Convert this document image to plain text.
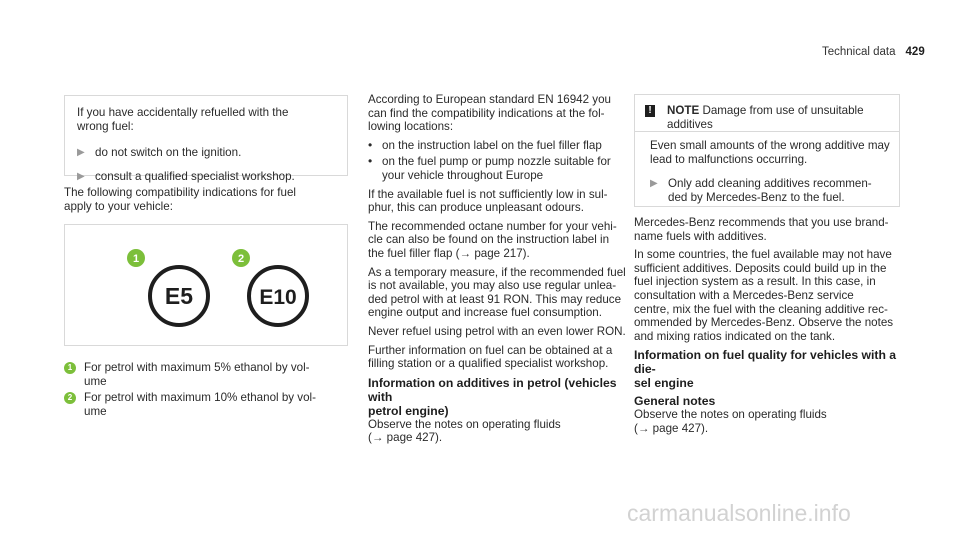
Technical data 429
If you have accidentally refuelled with the
wrong fuel:
▶ do not switch on the ignition.
▶ consult a qualified specialist workshop.
The following compatibility indications for fuel
apply to your vehicle:
E5	E10
1	2
1	For petrol with maximum 5% ethanol by vol-
ume
2	For petrol with maximum 10% ethanol by vol-
ume

According to European standard EN 16942 you
can find the compatibility indications at the fol-
lowing locations:

• on the instruction label on the fuel filler flap
• on the fuel pump or pump nozzle suitable for
your vehicle throughout Europe

If the available fuel is not sufficiently low in sul-
phur, this can produce unpleasant odours.

The recommended octane number for your vehi-
cle can also be found on the instruction label in
the fuel filler flap (→ page 217).

As a temporary measure, if the recommended fuel
is not available, you may also use regular unlea-
ded petrol with at least 91 RON. This may reduce
engine output and increase fuel consumption.

Never refuel using petrol with an even lower RON.

Further information on fuel can be obtained at a
filling station or a qualified specialist workshop.

Information on additives in petrol (vehicles with
petrol engine)

Observe the notes on operating fluids
(→ page 427).

! NOTE Damage from use of unsuitable
additives
Even small amounts of the wrong additive may
lead to malfunctions occurring.
▶ Only add cleaning additives recommen-
ded by Mercedes-Benz to the fuel.

Mercedes-Benz recommends that you use brand-
name fuels with additives.

In some countries, the fuel available may not have
sufficient additives. Deposits could build up in the
fuel injection system as a result. In this case, in
consultation with a Mercedes-Benz service
centre, mix the fuel with the cleaning additive rec-
ommended by Mercedes-Benz. Observe the notes
and mixing ratios indicated on the tank.

Information on fuel quality for vehicles with a die-
sel engine
General notes

Observe the notes on operating fluids
(→ page 427).

carmanualsonline.info
